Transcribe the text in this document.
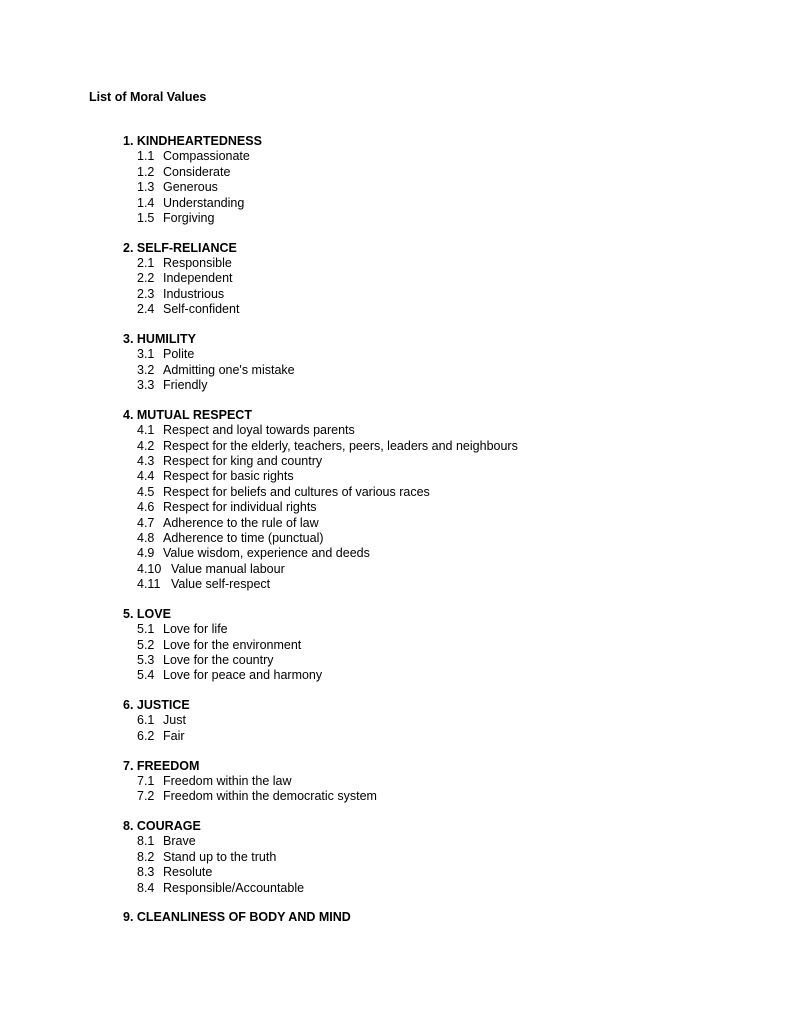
List of Moral Values
1. KINDHEARTEDNESS
1.1 Compassionate
1.2 Considerate
1.3 Generous
1.4 Understanding
1.5 Forgiving
2. SELF-RELIANCE
2.1 Responsible
2.2 Independent
2.3 Industrious
2.4 Self-confident
3. HUMILITY
3.1 Polite
3.2 Admitting one's mistake
3.3 Friendly
4. MUTUAL RESPECT
4.1 Respect and loyal towards parents
4.2 Respect for the elderly, teachers, peers, leaders and neighbours
4.3 Respect for king and country
4.4 Respect for basic rights
4.5 Respect for beliefs and cultures of various races
4.6 Respect for individual rights
4.7 Adherence to the rule of law
4.8 Adherence to time (punctual)
4.9 Value wisdom, experience and deeds
4.10 Value manual labour
4.11 Value self-respect
5. LOVE
5.1 Love for life
5.2 Love for the environment
5.3 Love for the country
5.4 Love for peace and harmony
6. JUSTICE
6.1 Just
6.2 Fair
7. FREEDOM
7.1 Freedom within the law
7.2 Freedom within the democratic system
8. COURAGE
8.1 Brave
8.2 Stand up to the truth
8.3 Resolute
8.4 Responsible/Accountable
9. CLEANLINESS OF BODY AND MIND
